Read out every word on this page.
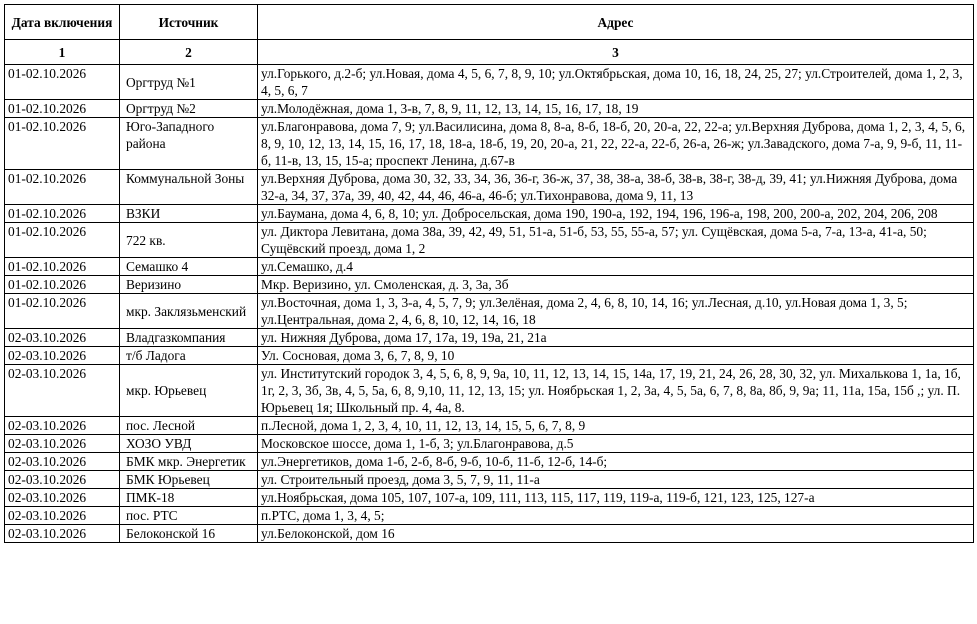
Дата включения	Источник	Адрес
1	2	3
01-02.10.2026	Оргтруд №1	ул.Горького, д.2-б; ул.Новая, дома 4, 5, 6, 7, 8, 9, 10; ул.Октябрьская, дома 10, 16, 18, 24, 25, 27; ул.Строителей, дома 1, 2, 3, 4, 5, 6, 7
01-02.10.2026	Оргтруд №2	ул.Молодёжная, дома 1, 3-в, 7, 8, 9, 11, 12, 13, 14, 15, 16, 17, 18, 19
01-02.10.2026	Юго-Западного района	ул.Благонравова, дома 7, 9; ул.Василисина, дома 8, 8-а, 8-б, 18-б, 20, 20-а, 22, 22-а; ул.Верхняя Дуброва, дома 1, 2, 3, 4, 5, 6, 8, 9, 10, 12, 13, 14, 15, 16, 17, 18, 18-а, 18-б, 19, 20, 20-а, 21, 22, 22-а, 22-б, 26-а, 26-ж; ул.Завадского, дома 7-а, 9, 9-б, 11, 11-б, 11-в, 13, 15, 15-а; проспект Ленина, д.67-в
01-02.10.2026	Коммунальной Зоны	ул.Верхняя Дуброва, дома 30, 32, 33, 34, 36, 36-г, 36-ж, 37, 38, 38-а, 38-б, 38-в, 38-г, 38-д, 39, 41; ул.Нижняя Дуброва, дома 32-а, 34, 37, 37а, 39, 40, 42, 44, 46, 46-а, 46-б; ул.Тихонравова, дома 9, 11, 13
01-02.10.2026	ВЗКИ	ул.Баумана, дома 4, 6, 8, 10; ул. Добросельская, дома 190, 190-а, 192, 194, 196, 196-а, 198, 200, 200-а, 202, 204, 206, 208
01-02.10.2026	722 кв.	ул. Диктора Левитана, дома 38а, 39, 42, 49, 51, 51-а, 51-б, 53, 55, 55-а, 57; ул. Сущёвская, дома 5-а, 7-а, 13-а, 41-а, 50; Сущёвский проезд, дома 1, 2
01-02.10.2026	Семашко 4	ул.Семашко, д.4
01-02.10.2026	Веризино	Мкр. Веризино, ул. Смоленская, д. 3, 3а, 3б
01-02.10.2026	мкр. Заклязьменский	ул.Восточная, дома 1, 3, 3-а, 4, 5, 7, 9; ул.Зелёная, дома 2, 4, 6, 8, 10, 14, 16; ул.Лесная, д.10, ул.Новая дома 1, 3, 5; ул.Центральная, дома 2, 4, 6, 8, 10, 12, 14, 16, 18
02-03.10.2026	Владгазкомпания	ул. Нижняя Дуброва, дома 17, 17а, 19, 19а, 21, 21а
02-03.10.2026	т/б Ладога	Ул. Сосновая, дома 3, 6, 7, 8, 9, 10
02-03.10.2026	мкр. Юрьевец	ул. Институтский городок 3, 4, 5, 6, 8, 9, 9а, 10, 11, 12, 13, 14, 15, 14а, 17, 19, 21, 24, 26, 28, 30, 32, ул. Михалькова 1, 1а, 1б, 1г, 2, 3, 3б, 3в, 4, 5, 5а, 6, 8, 9,10, 11, 12, 13, 15; ул. Ноябрьская 1, 2, 3а, 4, 5, 5а, 6, 7, 8, 8а, 8б, 9, 9а; 11, 11а, 15а, 15б ,; ул. П. Юрьевец 1я; Школьный пр. 4, 4а, 8.
02-03.10.2026	пос. Лесной	п.Лесной, дома 1, 2, 3, 4, 10, 11, 12, 13, 14, 15, 5, 6, 7, 8, 9
02-03.10.2026	ХОЗО УВД	Московское шоссе, дома 1, 1-б, 3; ул.Благонравова, д.5
02-03.10.2026	БМК мкр. Энергетик	ул.Энергетиков, дома 1-б, 2-б, 8-б, 9-б, 10-б, 11-б, 12-б, 14-б;
02-03.10.2026	БМК Юрьевец	ул. Строительный проезд, дома 3, 5, 7, 9, 11, 11-а
02-03.10.2026	ПМК-18	ул.Ноябрьская, дома 105, 107, 107-а, 109, 111, 113, 115, 117, 119, 119-а, 119-б, 121, 123, 125, 127-а
02-03.10.2026	пос. РТС	п.РТС, дома 1, 3, 4, 5;
02-03.10.2026	Белоконской 16	ул.Белоконской, дом 16
